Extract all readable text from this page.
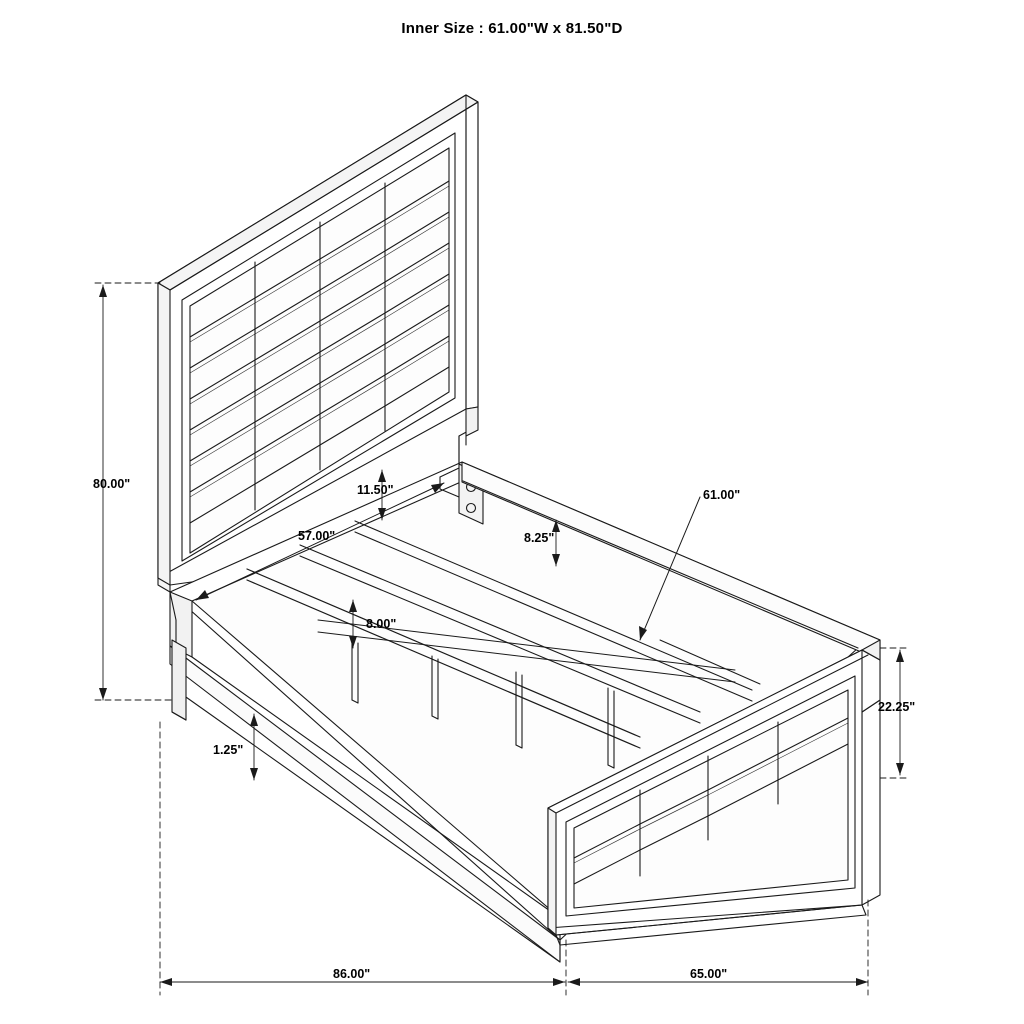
Inner Size : 61.00"W x 81.50"D
80.00"
57.00"
11.50"
8.25"
61.00"
8.00"
1.25"
22.25"
86.00"	65.00"
